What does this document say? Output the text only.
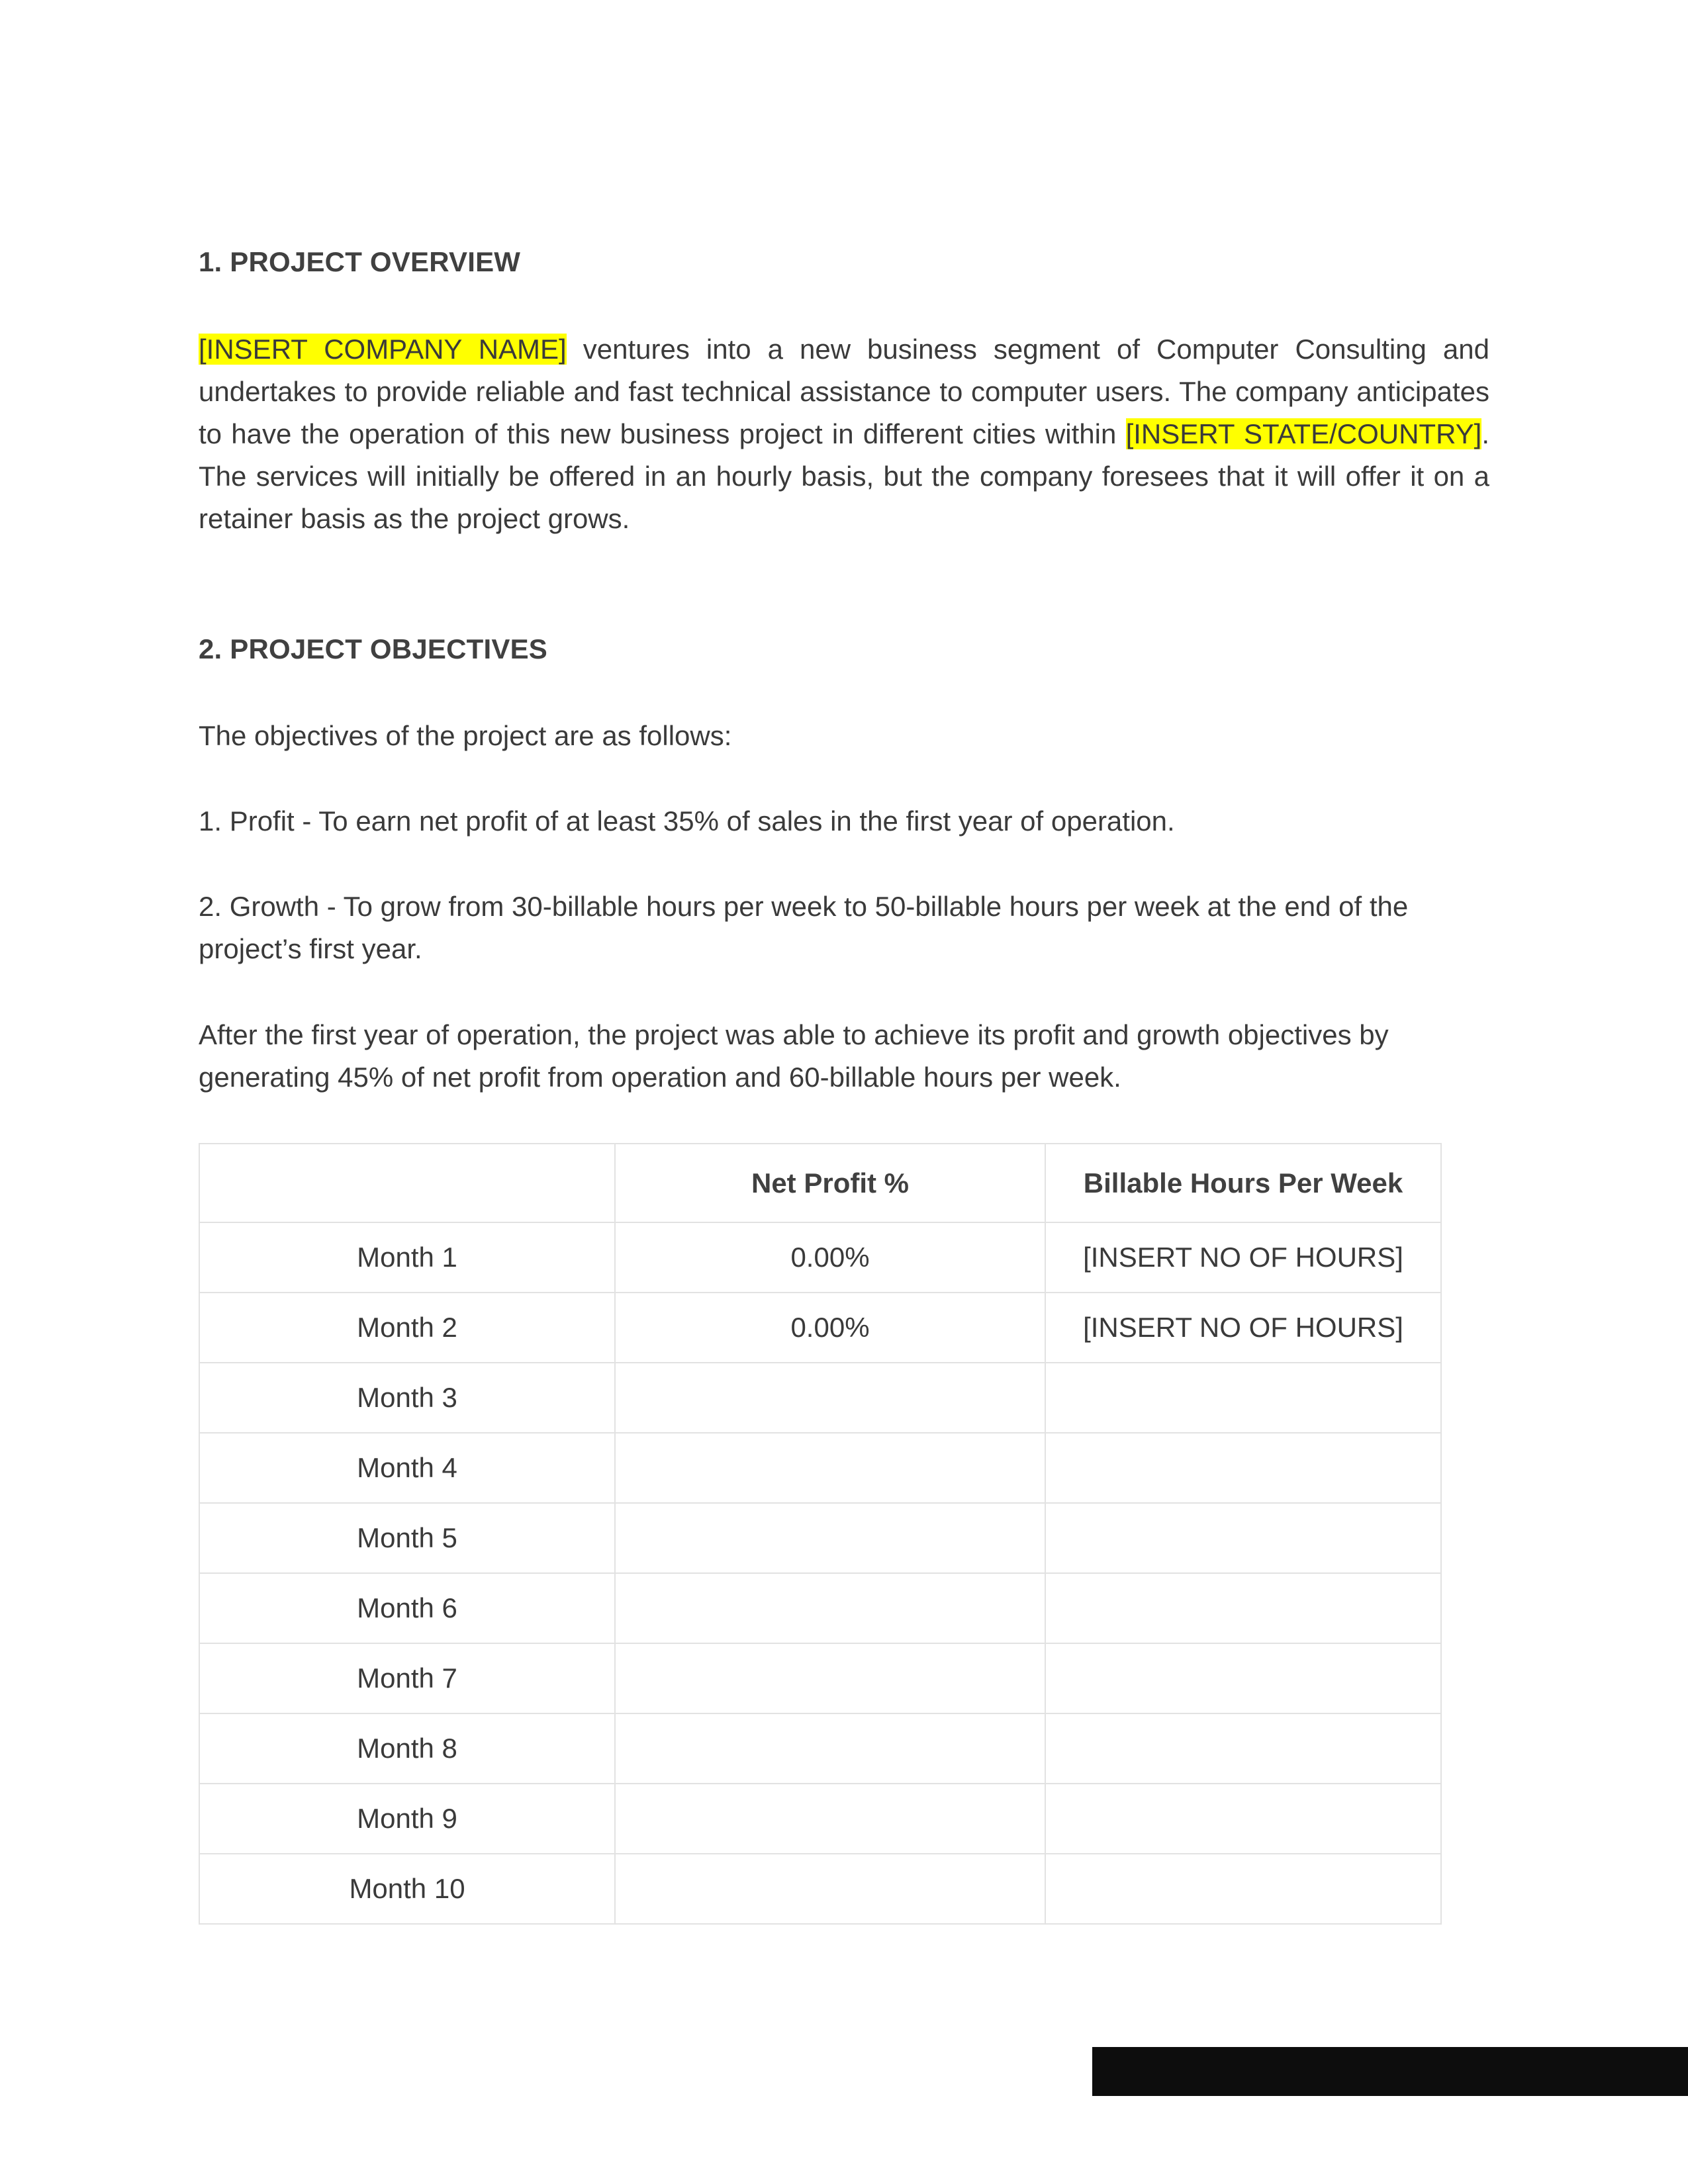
1. PROJECT OVERVIEW

[INSERT COMPANY NAME] ventures into a new business segment of Computer Consulting and undertakes to provide reliable and fast technical assistance to computer users. The company anticipates to have the operation of this new business project in different cities within [INSERT STATE/COUNTRY]. The services will initially be offered in an hourly basis, but the company foresees that it will offer it on a retainer basis as the project grows.

2. PROJECT OBJECTIVES

The objectives of the project are as follows:

1. Profit - To earn net profit of at least 35% of sales in the first year of operation.

2. Growth - To grow from 30-billable hours per week to 50-billable hours per week at the end of the project’s first year.

After the first year of operation, the project was able to achieve its profit and growth objectives by generating 45% of net profit from operation and 60-billable hours per week.

	Net Profit %	Billable Hours Per Week
Month 1	0.00%	[INSERT NO OF HOURS]
Month 2	0.00%	[INSERT NO OF HOURS]
Month 3		
Month 4		
Month 5		
Month 6		
Month 7		
Month 8		
Month 9		
Month 10		
